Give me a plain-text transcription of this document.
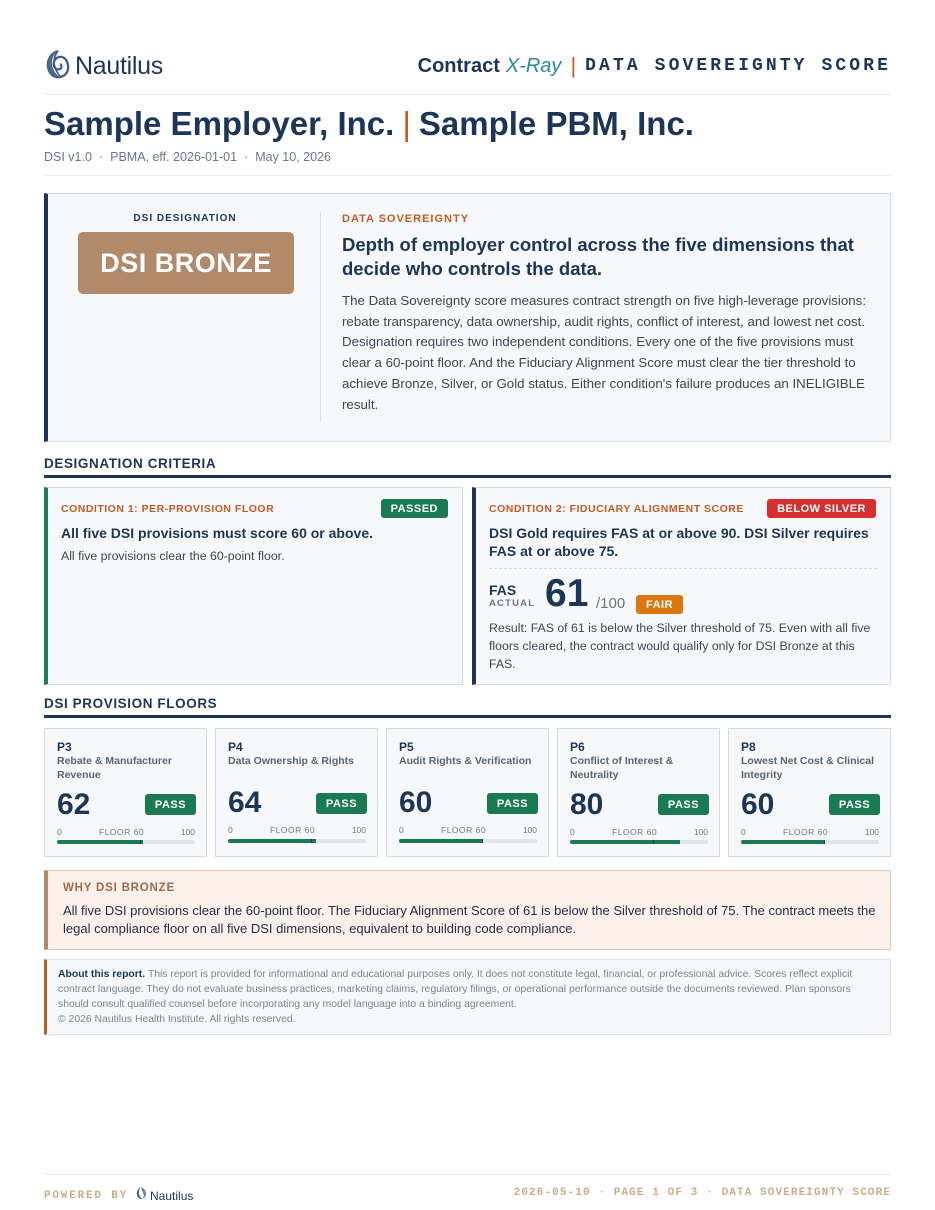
Nautilus	Contract X-Ray | DATA SOVEREIGNTY SCORE
Sample Employer, Inc. | Sample PBM, Inc.
DSI v1.0 · PBMA, eff. 2026-01-01 · May 10, 2026
DSI DESIGNATION
DSI BRONZE
DATA SOVEREIGNTY
Depth of employer control across the five dimensions that decide who controls the data.
The Data Sovereignty score measures contract strength on five high-leverage provisions: rebate transparency, data ownership, audit rights, conflict of interest, and lowest net cost. Designation requires two independent conditions. Every one of the five provisions must clear a 60-point floor. And the Fiduciary Alignment Score must clear the tier threshold to achieve Bronze, Silver, or Gold status. Either condition's failure produces an INELIGIBLE result.
DESIGNATION CRITERIA
CONDITION 1: PER-PROVISION FLOOR	PASSED
All five DSI provisions must score 60 or above.
All five provisions clear the 60-point floor.
CONDITION 2: FIDUCIARY ALIGNMENT SCORE	BELOW SILVER
DSI Gold requires FAS at or above 90. DSI Silver requires FAS at or above 75.
FAS
ACTUAL 61 /100	FAIR
Result: FAS of 61 is below the Silver threshold of 75. Even with all five floors cleared, the contract would qualify only for DSI Bronze at this FAS.
DSI PROVISION FLOORS
P3
Rebate & Manufacturer Revenue
62	PASS
0	FLOOR 60	100
P4
Data Ownership & Rights
64	PASS
0	FLOOR 60	100
P5
Audit Rights & Verification
60	PASS
0	FLOOR 60	100
P6
Conflict of Interest & Neutrality
80	PASS
0	FLOOR 60	100
P8
Lowest Net Cost & Clinical Integrity
60	PASS
0	FLOOR 60	100
WHY DSI BRONZE
All five DSI provisions clear the 60-point floor. The Fiduciary Alignment Score of 61 is below the Silver threshold of 75. The contract meets the legal compliance floor on all five DSI dimensions, equivalent to building code compliance.
About this report. This report is provided for informational and educational purposes only. It does not constitute legal, financial, or professional advice. Scores reflect explicit contract language. They do not evaluate business practices, marketing claims, regulatory filings, or operational performance outside the documents reviewed. Plan sponsors should consult qualified counsel before incorporating any model language into a binding agreement.
© 2026 Nautilus Health Institute. All rights reserved.
POWERED BY Nautilus	2026-05-10 · PAGE 1 OF 3 · DATA SOVEREIGNTY SCORE
